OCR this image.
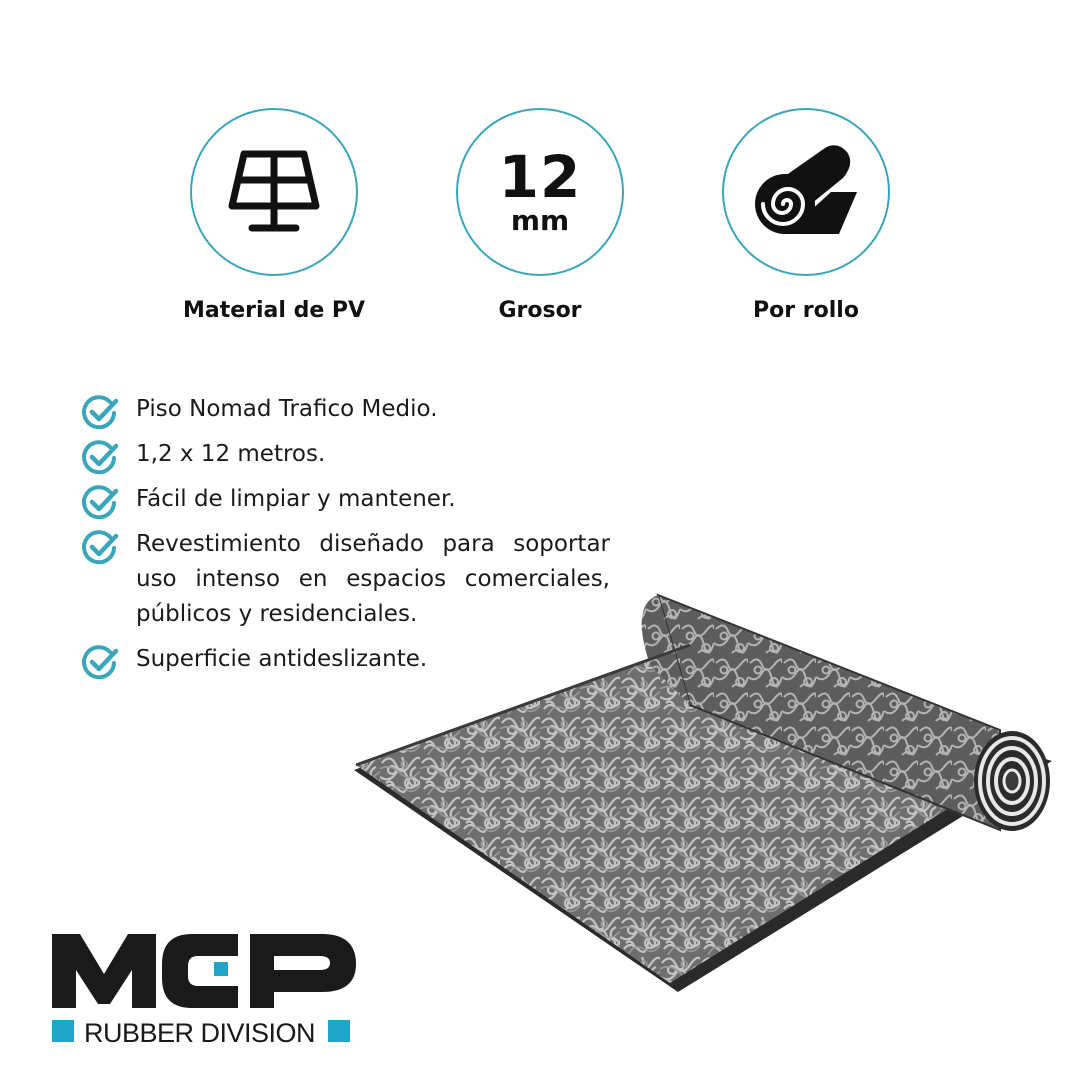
Material de PV
12
mm
Grosor	Por rollo
Piso Nomad Trafico Medio.
1,2 x 12 metros.
Fácil de limpiar y mantener.
Revestimiento diseñado para soportar uso intenso en espacios comerciales, públicos y residenciales.
Superficie antideslizante.
RUBBER DIVISION
